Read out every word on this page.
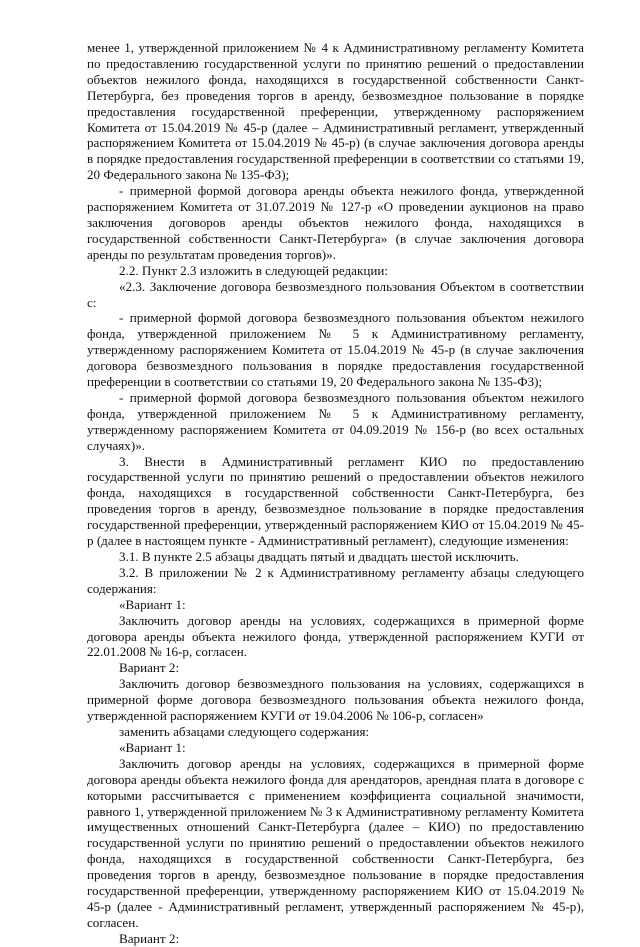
менее 1, утвержденной приложением № 4 к Административному регламенту Комитета по предоставлению государственной услуги по принятию решений о предоставлении объектов нежилого фонда, находящихся в государственной собственности Санкт-Петербурга, без проведения торгов в аренду, безвозмездное пользование в порядке предоставления государственной преференции, утвержденному распоряжением Комитета от 15.04.2019 № 45-р (далее – Административный регламент, утвержденный распоряжением Комитета от 15.04.2019 № 45-р) (в случае заключения договора аренды в порядке предоставления государственной преференции в соответствии со статьями 19, 20 Федерального закона № 135-ФЗ);

- примерной формой договора аренды объекта нежилого фонда, утвержденной распоряжением Комитета от 31.07.2019 № 127-р «О проведении аукционов на право заключения договоров аренды объектов нежилого фонда, находящихся в государственной собственности Санкт-Петербурга» (в случае заключения договора аренды по результатам проведения торгов)».

2.2. Пункт 2.3 изложить в следующей редакции:

«2.3. Заключение договора безвозмездного пользования Объектом в соответствии с:

- примерной формой договора безвозмездного пользования объектом нежилого фонда, утвержденной приложением № 5 к Административному регламенту, утвержденному распоряжением Комитета от 15.04.2019 № 45-р (в случае заключения договора безвозмездного пользования в порядке предоставления государственной преференции в соответствии со статьями 19, 20 Федерального закона № 135-ФЗ);

- примерной формой договора безвозмездного пользования объектом нежилого фонда, утвержденной приложением № 5 к Административному регламенту, утвержденному распоряжением Комитета от 04.09.2019 № 156-р (во всех остальных случаях)».

3. Внести в Административный регламент КИО по предоставлению государственной услуги по принятию решений о предоставлении объектов нежилого фонда, находящихся в государственной собственности Санкт-Петербурга, без проведения торгов в аренду, безвозмездное пользование в порядке предоставления государственной преференции, утвержденный распоряжением КИО от 15.04.2019 № 45-р (далее в настоящем пункте - Административный регламент), следующие изменения:

3.1. В пункте 2.5 абзацы двадцать пятый и двадцать шестой исключить.

3.2. В приложении № 2 к Административному регламенту абзацы следующего содержания:

«Вариант 1:

Заключить договор аренды на условиях, содержащихся в примерной форме договора аренды объекта нежилого фонда, утвержденной распоряжением КУГИ от 22.01.2008 № 16-р, согласен.

Вариант 2:

Заключить договор безвозмездного пользования на условиях, содержащихся в примерной форме договора безвозмездного пользования объекта нежилого фонда, утвержденной распоряжением КУГИ от 19.04.2006 № 106-р, согласен»

заменить абзацами следующего содержания:

«Вариант 1:

Заключить договор аренды на условиях, содержащихся в примерной форме договора аренды объекта нежилого фонда для арендаторов, арендная плата в договоре с которыми рассчитывается с применением коэффициента социальной значимости, равного 1, утвержденной приложением № 3 к Административному регламенту Комитета имущественных отношений Санкт-Петербурга (далее – КИО) по предоставлению государственной услуги по принятию решений о предоставлении объектов нежилого фонда, находящихся в государственной собственности Санкт-Петербурга, без проведения торгов в аренду, безвозмездное пользование в порядке предоставления государственной преференции, утвержденному распоряжением КИО от 15.04.2019 № 45-р (далее - Административный регламент, утвержденный распоряжением № 45-р), согласен.

Вариант 2:
